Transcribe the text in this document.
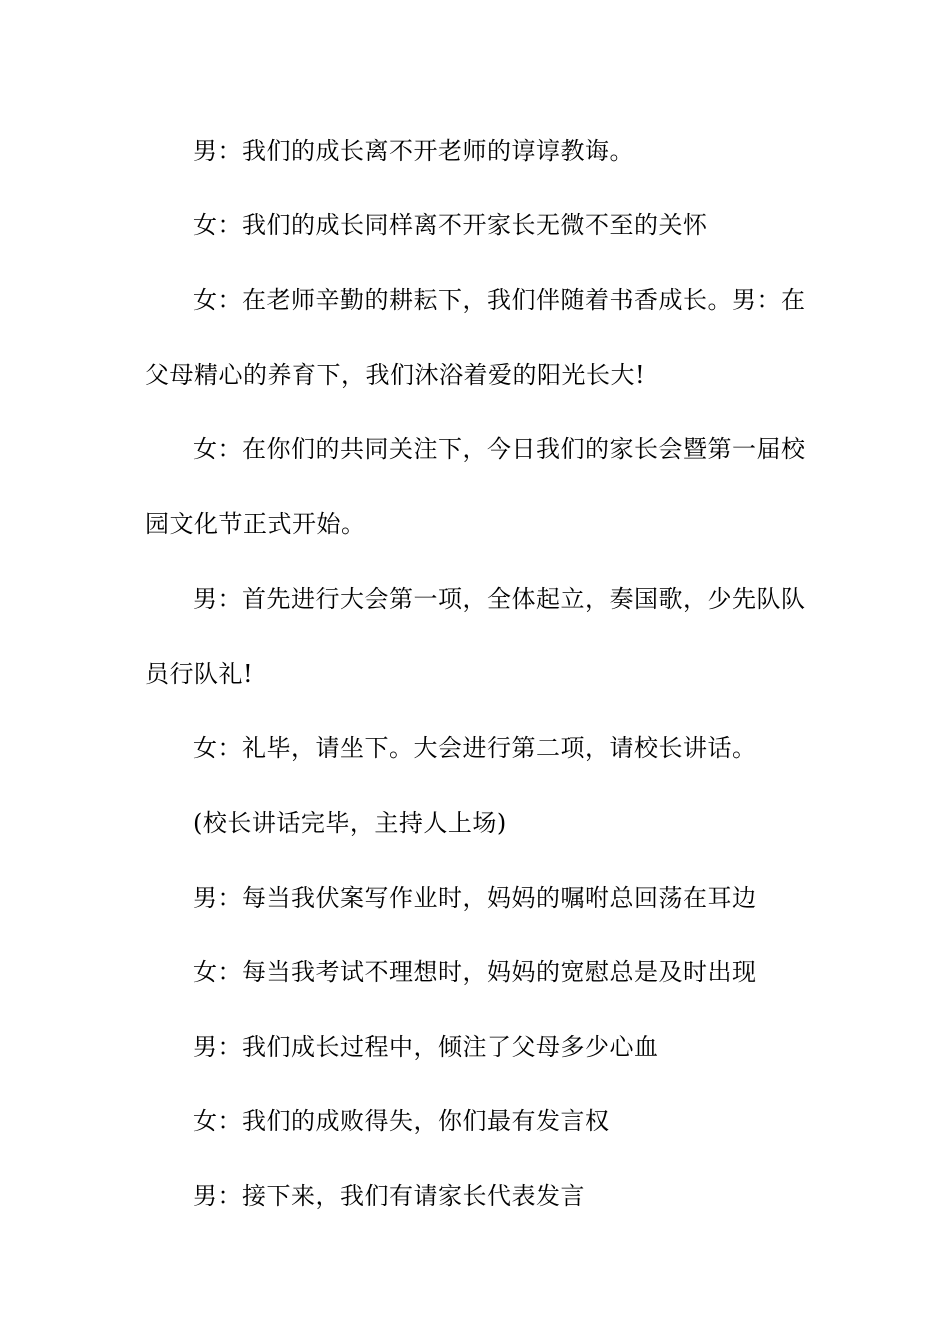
男：我们的成长离不开老师的谆谆教诲。
女：我们的成长同样离不开家长无微不至的关怀
女：在老师辛勤的耕耘下，我们伴随着书香成长。男：在
父母精心的养育下，我们沐浴着爱的阳光长大!
女：在你们的共同关注下，今日我们的家长会暨第一届校
园文化节正式开始。
男：首先进行大会第一项，全体起立，奏国歌，少先队队
员行队礼!
女：礼毕，请坐下。大会进行第二项，请校长讲话。
(校长讲话完毕，主持人上场)
男：每当我伏案写作业时，妈妈的嘱咐总回荡在耳边
女：每当我考试不理想时，妈妈的宽慰总是及时出现
男：我们成长过程中，倾注了父母多少心血
女：我们的成败得失，你们最有发言权
男：接下来，我们有请家长代表发言
